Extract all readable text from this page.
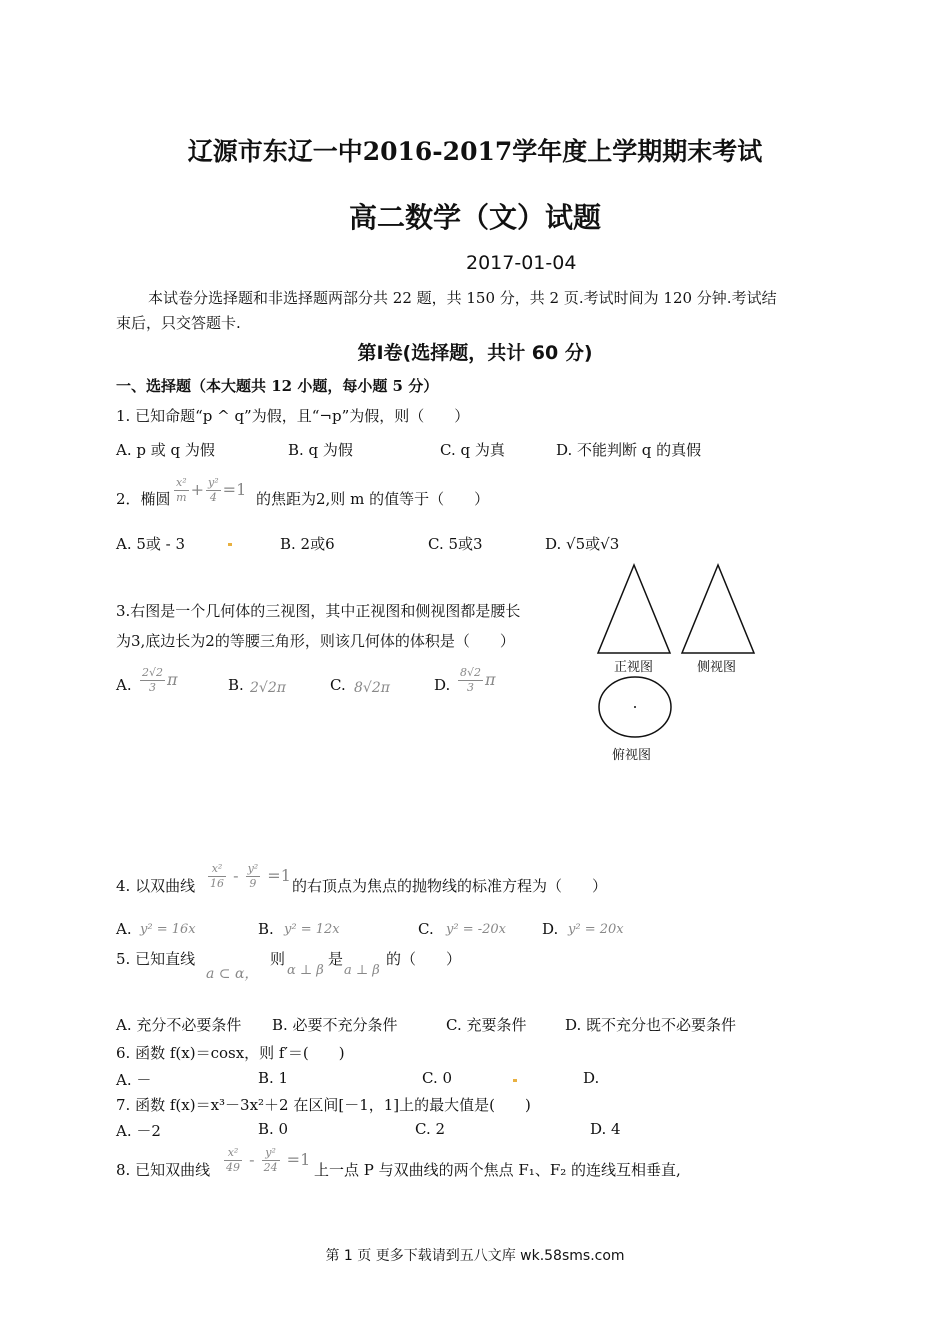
辽源市东辽一中2016-2017学年度上学期期末考试
高二数学（文）试题
2017-01-04
本试卷分选择题和非选择题两部分共 22 题，共 150 分，共 2 页.考试时间为 120 分钟.考试结
束后，只交答题卡.
第Ⅰ卷(选择题，共计 60 分)
一、选择题（本大题共 12 小题，每小题 5 分）
1. 已知命题“p ^ q”为假，且“¬p”为假，则（　　）
A. p 或 q 为假	B. q 为假	C. q 为真	D. 不能判断 q 的真假
2．椭圆 $\frac{\text{x²}}{m} + \frac{\text{y²}}{4} =1$ 的焦距为2,则 m 的值等于（　　）
A. 5或 - 3	B. 2或6	C. 5或3	D. √5或√3
3.右图是一个几何体的三视图，其中正视图和侧视图都是腰长
为3,底边长为2的等腰三角形，则该几何体的体积是（　　）
A. $\frac{2√2}{3}$ π	B. 2√2π	C. 8√2π	D. $\frac{8√2}{3}$ π
正视图	侧视图
俯视图
4. 以双曲线 $\frac{\text{x²}}{16} - \frac{\text{y²}}{9} =1$
的右顶点为焦点的抛物线的标准方程为（　　）
A. y² = 16x	B. y² = 12x	C. y² = -20x D. y² = 20x
5. 已知直线
a ⊂ α，
则
α ⊥ β
是
a ⊥ β
的（　　）
A. 充分不必要条件 B. 必要不充分条件	C. 充要条件	D. 既不充分也不必要条件
6. 函数 f(x)＝cosx，则 f′＝(　　)
A. －	B. 1	C. 0	D.
7. 函数 f(x)＝x³－3x²＋2 在区间[－1，1]上的最大值是(　　)
A. －2	B. 0	C. 2	D. 4
8. 已知双曲线 $\frac{\text{x²}}{49} - \frac{\text{y²}}{24} =1$
上一点 P 与双曲线的两个焦点 F₁、F₂ 的连线互相垂直,
第 1 页 更多下载请到五八文库 wk.58sms.com
